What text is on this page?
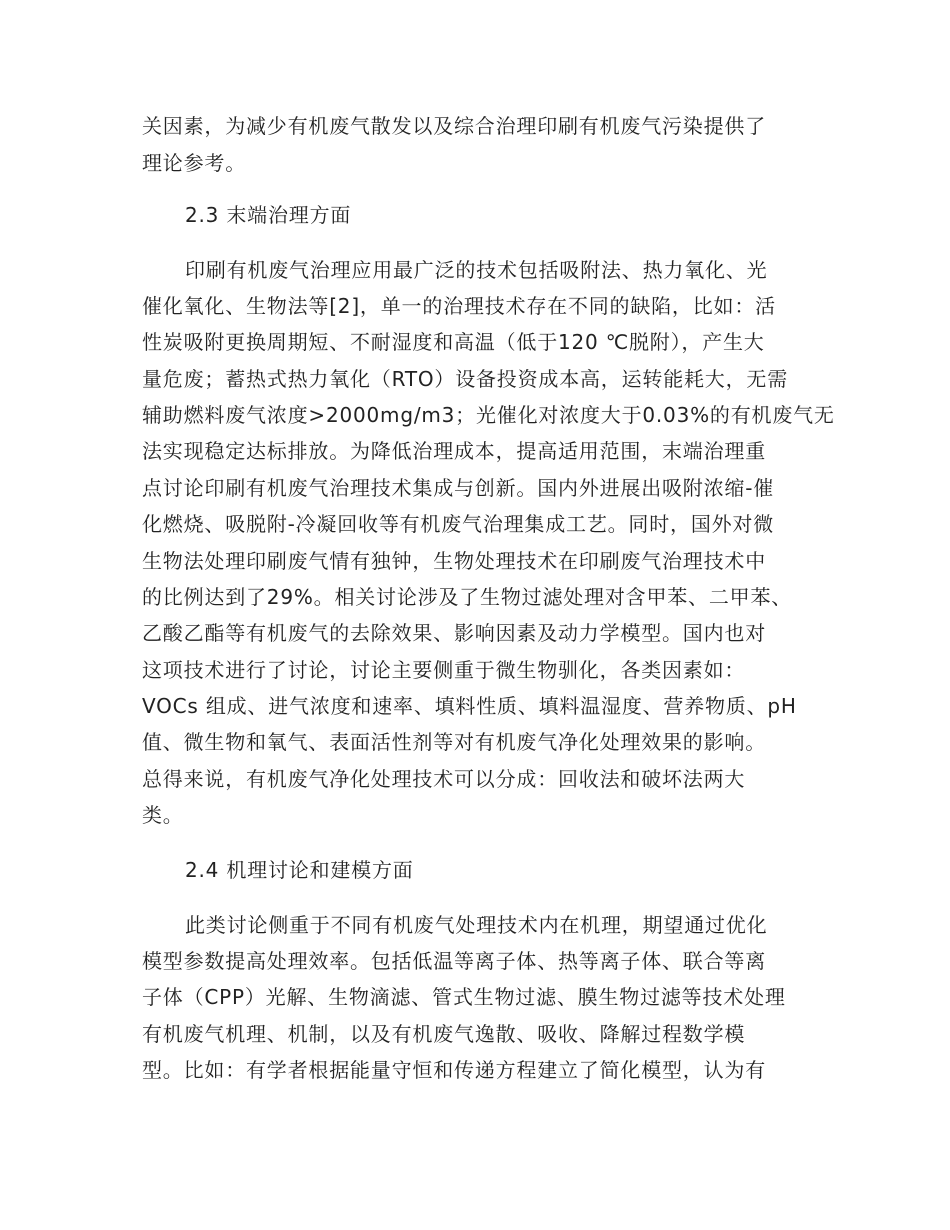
关因素，为减少有机废气散发以及综合治理印刷有机废气污染提供了
理论参考。
2.3 末端治理方面
印刷有机废气治理应用最广泛的技术包括吸附法、热力氧化、光
催化氧化、生物法等[2]，单一的治理技术存在不同的缺陷，比如：活
性炭吸附更换周期短、不耐湿度和高温（低于120 ℃脱附），产生大
量危废；蓄热式热力氧化（RTO）设备投资成本高，运转能耗大，无需
辅助燃料废气浓度>2000mg/m3；光催化对浓度大于0.03%的有机废气无
法实现稳定达标排放。为降低治理成本，提高适用范围，末端治理重
点讨论印刷有机废气治理技术集成与创新。国内外进展出吸附浓缩-催
化燃烧、吸脱附-冷凝回收等有机废气治理集成工艺。同时，国外对微
生物法处理印刷废气情有独钟，生物处理技术在印刷废气治理技术中
的比例达到了29%。相关讨论涉及了生物过滤处理对含甲苯、二甲苯、
乙酸乙酯等有机废气的去除效果、影响因素及动力学模型。国内也对
这项技术进行了讨论，讨论主要侧重于微生物驯化，各类因素如：
VOCs 组成、进气浓度和速率、填料性质、填料温湿度、营养物质、pH
值、微生物和氧气、表面活性剂等对有机废气净化处理效果的影响。
总得来说，有机废气净化处理技术可以分成：回收法和破坏法两大
类。
2.4 机理讨论和建模方面
此类讨论侧重于不同有机废气处理技术内在机理，期望通过优化
模型参数提高处理效率。包括低温等离子体、热等离子体、联合等离
子体（CPP）光解、生物滴滤、管式生物过滤、膜生物过滤等技术处理
有机废气机理、机制，以及有机废气逸散、吸收、降解过程数学模
型。比如：有学者根据能量守恒和传递方程建立了简化模型，认为有
